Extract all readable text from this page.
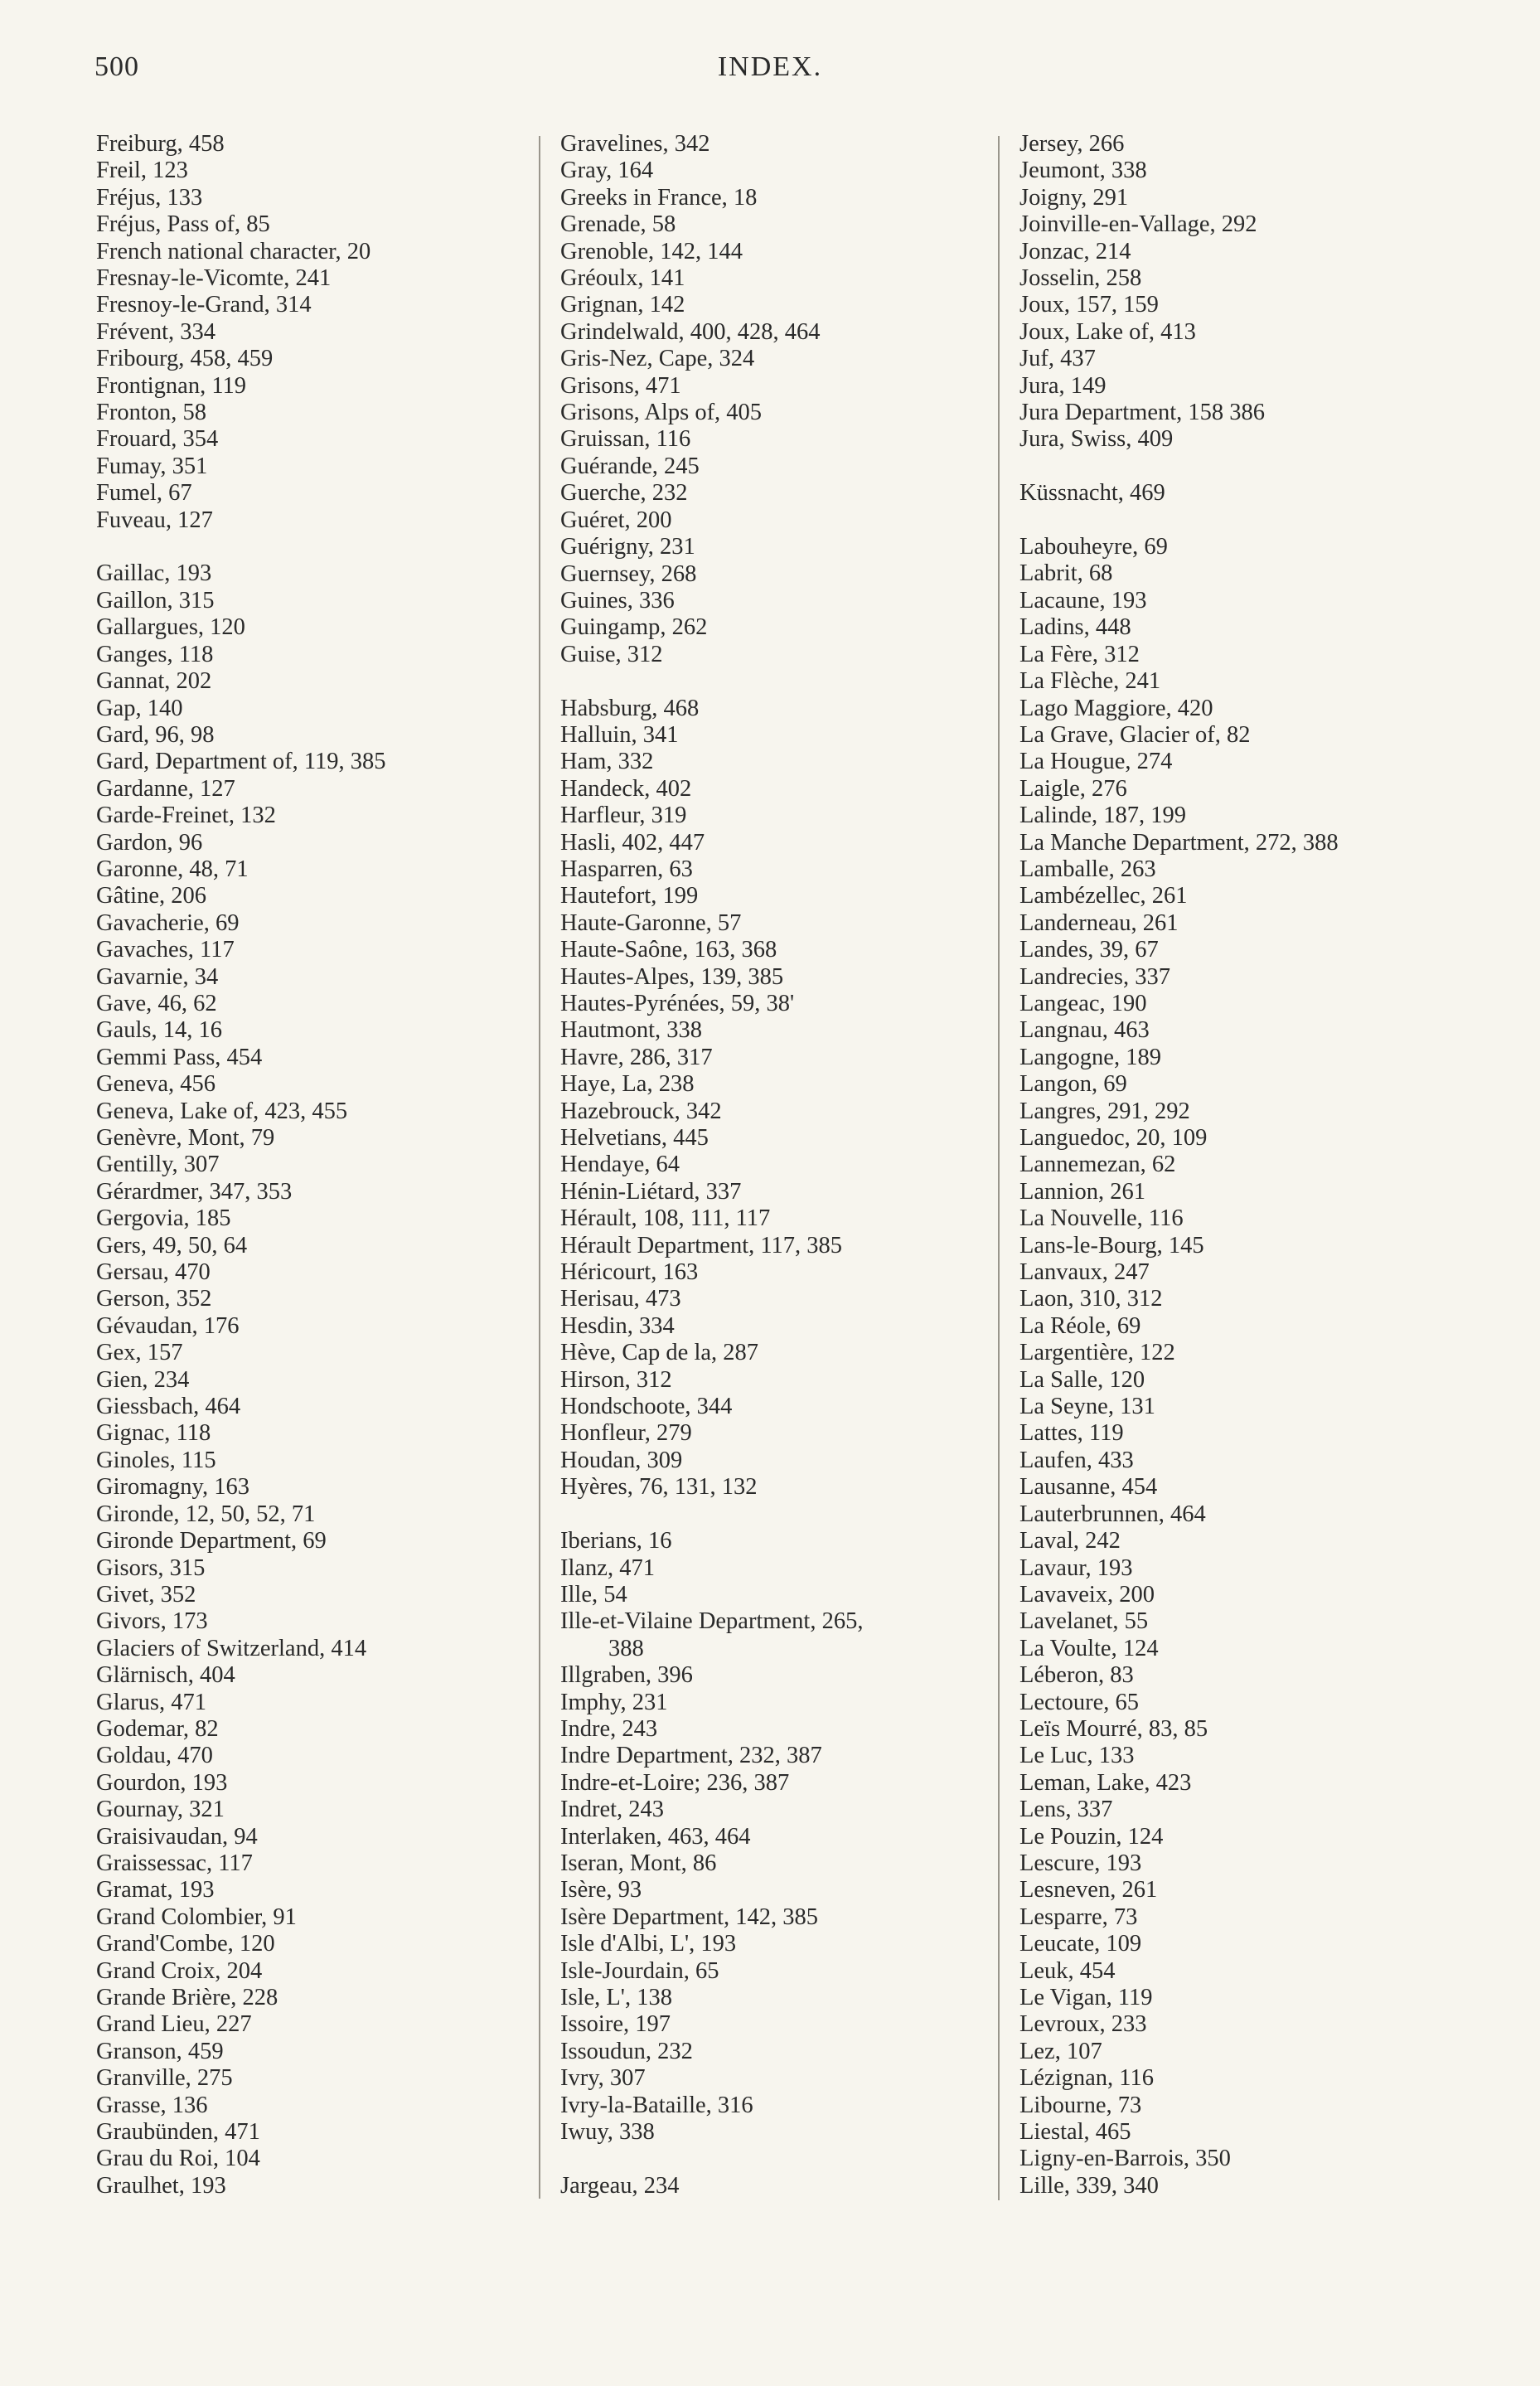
500	INDEX.
Freiburg, 458
Freil, 123
Fréjus, 133
Fréjus, Pass of, 85
French national character, 20
Fresnay-le-Vicomte, 241
Fresnoy-le-Grand, 314
Frévent, 334
Fribourg, 458, 459
Frontignan, 119
Fronton, 58
Frouard, 354
Fumay, 351
Fumel, 67
Fuveau, 127
Gaillac, 193
Gaillon, 315
Gallargues, 120
Ganges, 118
Gannat, 202
Gap, 140
Gard, 96, 98
Gard, Department of, 119, 385
Gardanne, 127
Garde-Freinet, 132
Gardon, 96
Garonne, 48, 71
Gâtine, 206
Gavacherie, 69
Gavaches, 117
Gavarnie, 34
Gave, 46, 62
Gauls, 14, 16
Gemmi Pass, 454
Geneva, 456
Geneva, Lake of, 423, 455
Genèvre, Mont, 79
Gentilly, 307
Gérardmer, 347, 353
Gergovia, 185
Gers, 49, 50, 64
Gersau, 470
Gerson, 352
Gévaudan, 176
Gex, 157
Gien, 234
Giessbach, 464
Gignac, 118
Ginoles, 115
Giromagny, 163
Gironde, 12, 50, 52, 71
Gironde Department, 69
Gisors, 315
Givet, 352
Givors, 173
Glaciers of Switzerland, 414
Glärnisch, 404
Glarus, 471
Godemar, 82
Goldau, 470
Gourdon, 193
Gournay, 321
Graisivaudan, 94
Graissessac, 117
Gramat, 193
Grand Colombier, 91
Grand'Combe, 120
Grand Croix, 204
Grande Brière, 228
Grand Lieu, 227
Granson, 459
Granville, 275
Grasse, 136
Graubünden, 471
Grau du Roi, 104
Graulhet, 193
Gravelines, 342
Gray, 164
Greeks in France, 18
Grenade, 58
Grenoble, 142, 144
Gréoulx, 141
Grignan, 142
Grindelwald, 400, 428, 464
Gris-Nez, Cape, 324
Grisons, 471
Grisons, Alps of, 405
Gruissan, 116
Guérande, 245
Guerche, 232
Guéret, 200
Guérigny, 231
Guernsey, 268
Guines, 336
Guingamp, 262
Guise, 312
Habsburg, 468
Halluin, 341
Ham, 332
Handeck, 402
Harfleur, 319
Hasli, 402, 447
Hasparren, 63
Hautefort, 199
Haute-Garonne, 57
Haute-Saône, 163, 368
Hautes-Alpes, 139, 385
Hautes-Pyrénées, 59, 38'
Hautmont, 338
Havre, 286, 317
Haye, La, 238
Hazebrouck, 342
Helvetians, 445
Hendaye, 64
Hénin-Liétard, 337
Hérault, 108, 111, 117
Hérault Department, 117, 385
Héricourt, 163
Herisau, 473
Hesdin, 334
Hève, Cap de la, 287
Hirson, 312
Hondschoote, 344
Honfleur, 279
Houdan, 309
Hyères, 76, 131, 132
Iberians, 16
Ilanz, 471
Ille, 54
Ille-et-Vilaine Department, 265,
388
Illgraben, 396
Imphy, 231
Indre, 243
Indre Department, 232, 387
Indre-et-Loire; 236, 387
Indret, 243
Interlaken, 463, 464
Iseran, Mont, 86
Isère, 93
Isère Department, 142, 385
Isle d'Albi, L', 193
Isle-Jourdain, 65
Isle, L', 138
Issoire, 197
Issoudun, 232
Ivry, 307
Ivry-la-Bataille, 316
Iwuy, 338
Jargeau, 234
Jersey, 266
Jeumont, 338
Joigny, 291
Joinville-en-Vallage, 292
Jonzac, 214
Josselin, 258
Joux, 157, 159
Joux, Lake of, 413
Juf, 437
Jura, 149
Jura Department, 158 386
Jura, Swiss, 409
Küssnacht, 469
Labouheyre, 69
Labrit, 68
Lacaune, 193
Ladins, 448
La Fère, 312
La Flèche, 241
Lago Maggiore, 420
La Grave, Glacier of, 82
La Hougue, 274
Laigle, 276
Lalinde, 187, 199
La Manche Department, 272, 388
Lamballe, 263
Lambézellec, 261
Landerneau, 261
Landes, 39, 67
Landrecies, 337
Langeac, 190
Langnau, 463
Langogne, 189
Langon, 69
Langres, 291, 292
Languedoc, 20, 109
Lannemezan, 62
Lannion, 261
La Nouvelle, 116
Lans-le-Bourg, 145
Lanvaux, 247
Laon, 310, 312
La Réole, 69
Largentière, 122
La Salle, 120
La Seyne, 131
Lattes, 119
Laufen, 433
Lausanne, 454
Lauterbrunnen, 464
Laval, 242
Lavaur, 193
Lavaveix, 200
Lavelanet, 55
La Voulte, 124
Léberon, 83
Lectoure, 65
Leïs Mourré, 83, 85
Le Luc, 133
Leman, Lake, 423
Lens, 337
Le Pouzin, 124
Lescure, 193
Lesneven, 261
Lesparre, 73
Leucate, 109
Leuk, 454
Le Vigan, 119
Levroux, 233
Lez, 107
Lézignan, 116
Libourne, 73
Liestal, 465
Ligny-en-Barrois, 350
Lille, 339, 340
